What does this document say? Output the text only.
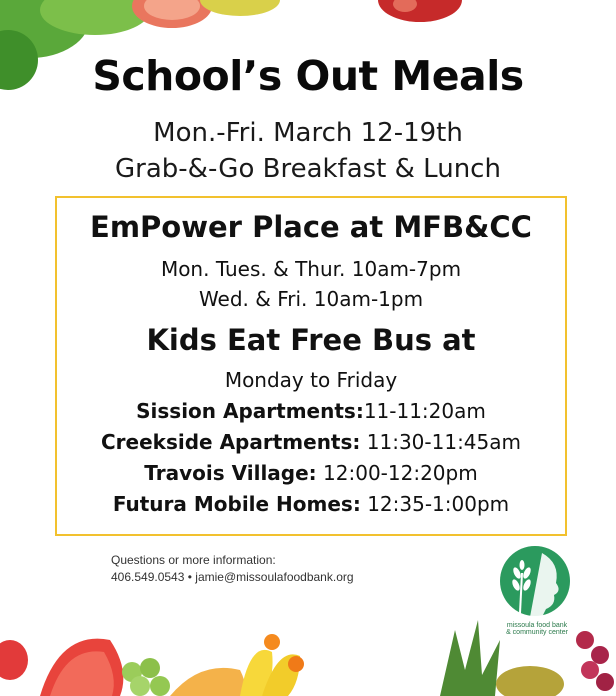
School’s Out Meals
Mon.-Fri. March 12-19th
Grab-&-Go Breakfast & Lunch
EmPower Place at MFB&CC
Mon. Tues. & Thur. 10am-7pm
Wed. & Fri. 10am-1pm
Kids Eat Free Bus at
Monday to Friday
Sission Apartments:11-11:20am
Creekside Apartments: 11:30-11:45am
Travois Village: 12:00-12:20pm
Futura Mobile Homes: 12:35-1:00pm
Questions or more information:
406.549.0543 • jamie@missoulafoodbank.org
missoula food bank
& community center
